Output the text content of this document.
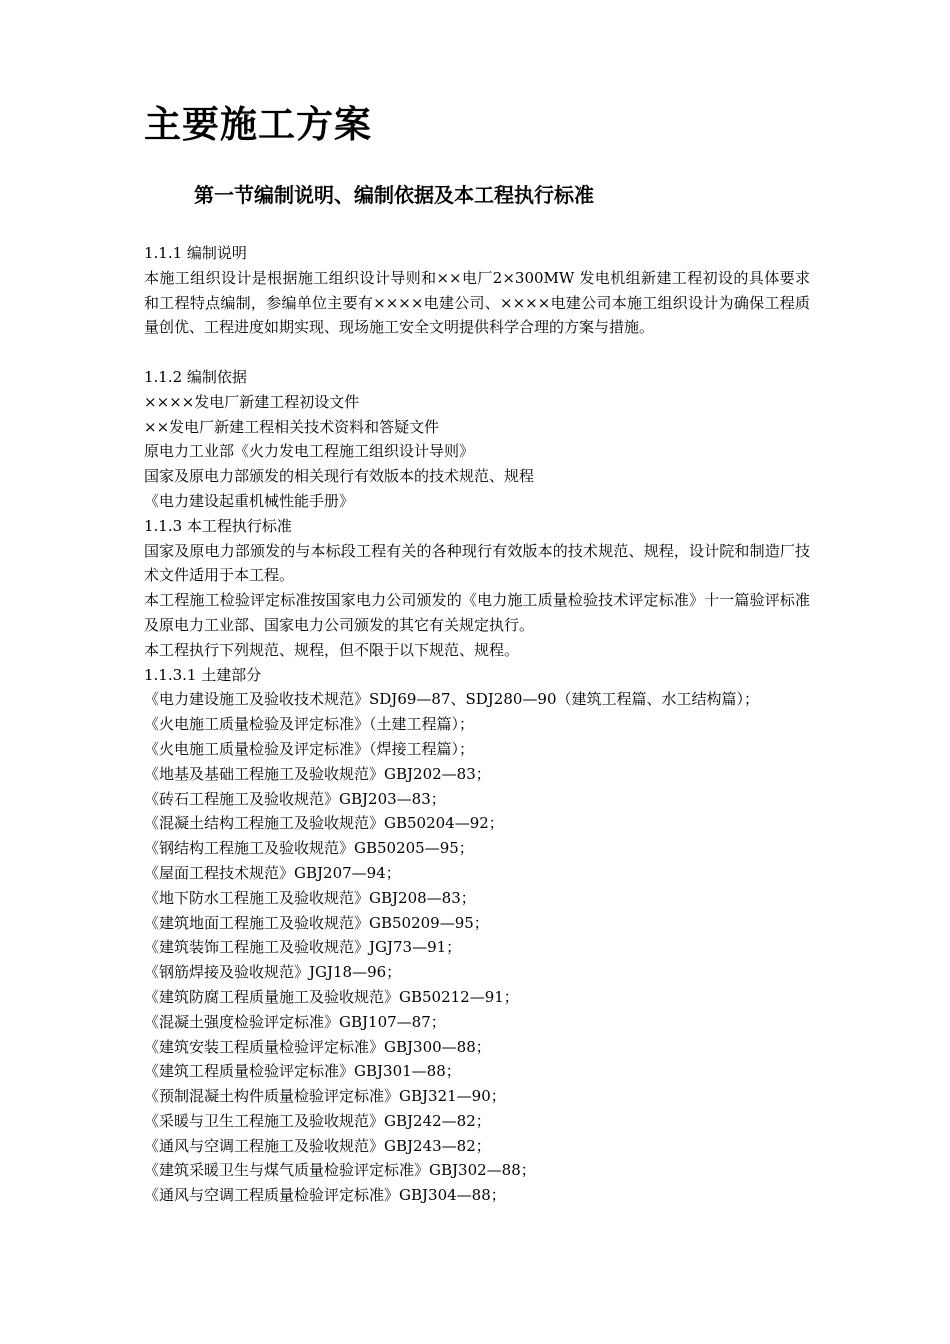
主要施工方案
第一节编制说明、编制依据及本工程执行标准
1.1.1 编制说明
本施工组织设计是根据施工组织设计导则和××电厂2×300MW 发电机组新建工程初设的具体要求和工程特点编制，参编单位主要有××××电建公司、××××电建公司本施工组织设计为确保工程质量创优、工程进度如期实现、现场施工安全文明提供科学合理的方案与措施。
1.1.2 编制依据
××××发电厂新建工程初设文件
××发电厂新建工程相关技术资料和答疑文件
原电力工业部《火力发电工程施工组织设计导则》
国家及原电力部颁发的相关现行有效版本的技术规范、规程
《电力建设起重机械性能手册》
1.1.3 本工程执行标准
国家及原电力部颁发的与本标段工程有关的各种现行有效版本的技术规范、规程，设计院和制造厂技术文件适用于本工程。
本工程施工检验评定标准按国家电力公司颁发的《电力施工质量检验技术评定标准》十一篇验评标准及原电力工业部、国家电力公司颁发的其它有关规定执行。
本工程执行下列规范、规程，但不限于以下规范、规程。
1.1.3.1 土建部分
《电力建设施工及验收技术规范》SDJ69—87、SDJ280—90（建筑工程篇、水工结构篇）；
《火电施工质量检验及评定标准》（土建工程篇）；
《火电施工质量检验及评定标准》（焊接工程篇）；
《地基及基础工程施工及验收规范》GBJ202—83；
《砖石工程施工及验收规范》GBJ203—83；
《混凝土结构工程施工及验收规范》GB50204—92；
《钢结构工程施工及验收规范》GB50205—95；
《屋面工程技术规范》GBJ207—94；
《地下防水工程施工及验收规范》GBJ208—83；
《建筑地面工程施工及验收规范》GB50209—95；
《建筑装饰工程施工及验收规范》JGJ73—91；
《钢筋焊接及验收规范》JGJ18—96；
《建筑防腐工程质量施工及验收规范》GB50212—91；
《混凝土强度检验评定标准》GBJ107—87；
《建筑安装工程质量检验评定标准》GBJ300—88；
《建筑工程质量检验评定标准》GBJ301—88；
《预制混凝土构件质量检验评定标准》GBJ321—90；
《采暖与卫生工程施工及验收规范》GBJ242—82；
《通风与空调工程施工及验收规范》GBJ243—82；
《建筑采暖卫生与煤气质量检验评定标准》GBJ302—88；
《通风与空调工程质量检验评定标准》GBJ304—88；
